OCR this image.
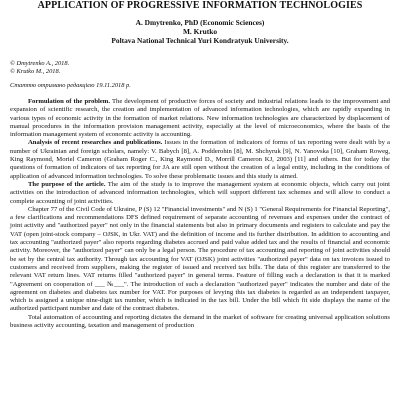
APPLICATION OF PROGRESSIVE INFORMATION TECHNOLOGIES
A. Dmytrenko, PhD (Economic Sciences)
M. Krutko
Poltava National Technical Yuri Kondratyuk University.
© Dmytrenko A., 2018.
© Krutko M., 2018.
Статтю отримано редакцією 19.11.2018 р.

Formulation of the problem. The development of productive forces of society and industrial relations leads to the improvement and expansion of scientific research, the creation and implementation of advanced information technologies, which are rapidly expanding in various types of economic activity in the formation of market relations. New information technologies are characterized by displacement of manual procedures in the information provision management activity, especially at the level of microeconomics, where the basis of the information management system of economic activity is accounting.

Analysis of recent researches and publications. Issues in the formation of indicators of forms of tax reporting were dealt with by a number of Ukrainian and foreign scholars, namely: V. Babych [8], A. Podderohin [8], M. Shchyruk [9], N. Yanovska [10], Graham Roweg, King Raymond, Moriel Cameron (Graham Roger C., King Raymond D., Morrill Cameron KJ, 2003) [11] and others. But for today the questions of formation of indicators of tax reporting for JA are still open without the creation of a legal entity, including in the conditions of application of advanced information technologies. To solve these problematic issues and this study is aimed.

The purpose of the article. The aim of the study is to improve the management system at economic objects, which carry out joint activities on the introduction of advanced information technologies, which will support different tax schemes and will allow to conduct a complete accounting of joint activities.

Chapter 77 of the Civil Code of Ukraine, P (S) 12 "Financial investments" and N (S) 1 "General Requirements for Financial Reporting", a few clarifications and recommendations DFS defined requirement of separate accounting of revenues and expenses under the contract of joint activity and "authorized payer" not only in the financial statements but also in primary documents and registers to calculate and pay the VAT (open joint-stock company – OJSK, in Ukr. VAT) and the definition of income and its further distribution. In addition to accounting and tax accounting "authorized payer" also reports regarding diabetes accrued and paid value added tax and the results of financial and economic activity. Moreover, the "authorized payer" can only be a legal person. The procedure of tax accounting and reporting of joint activities should be set by the central tax authority. Through tax accounting for VAT (OJSK) joint activities "authorized payer" data on tax invoices issued to customers and received from suppliers, making the register of issued and received tax bills. The data of this register are transferred to the relevant VAT return lines. VAT returns filled "authorized payer" in general terms. Feature of filling such a declaration is that it is marked "Agreement on cooperation of ___ №___". The introduction of such a declaration "authorized payer" indicates the number and date of the agreement on diabetes and diabetes tax number for VAT. For purposes of levying this tax diabetes is regarded as an independent taxpayer, which is assigned a unique nine-digit tax number, which is indicated in the tax bill. Under the bill which fit side displays the name of the authorized participant number and date of the contract diabetes.

Total automation of accounting and reporting dictates the demand in the market of software for creating universal application solutions business activity accounting, taxation and management of production
